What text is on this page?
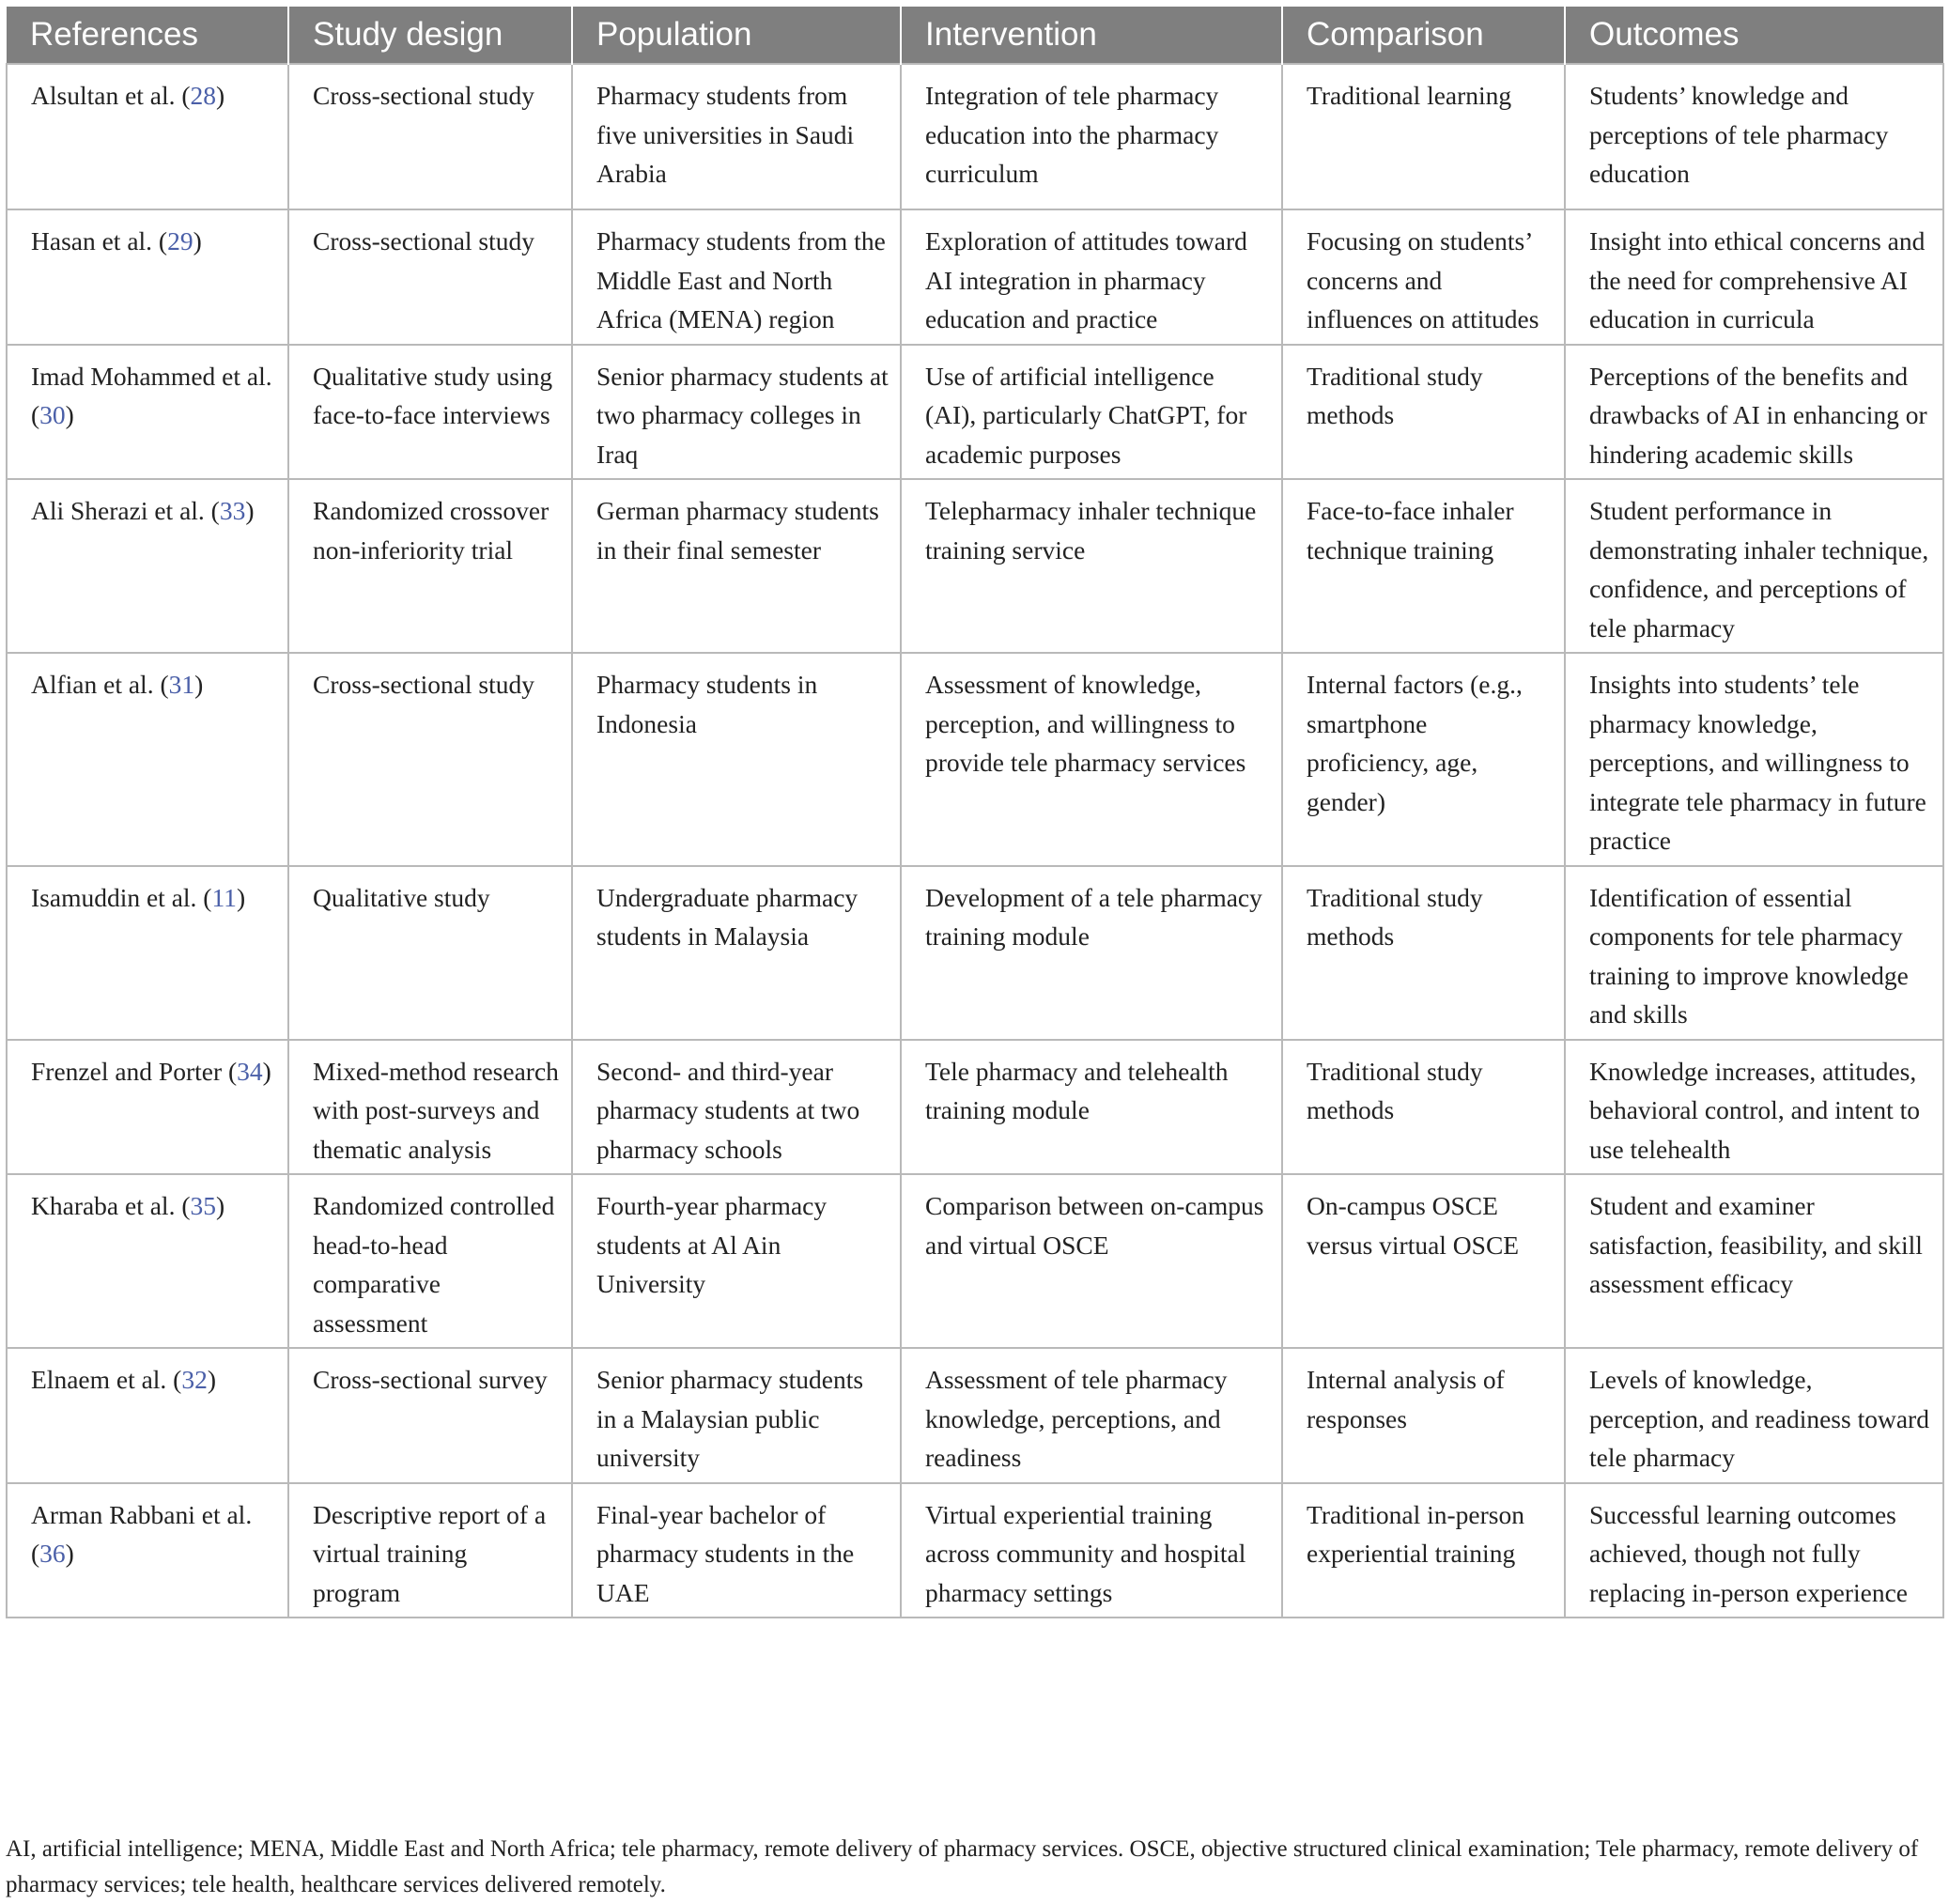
References	Study design	Population	Intervention	Comparison	Outcomes
Alsultan et al. (28)	Cross-sectional study	Pharmacy students from five universities in Saudi Arabia	Integration of tele pharmacy education into the pharmacy curriculum	Traditional learning	Students’ knowledge and perceptions of tele pharmacy education
Hasan et al. (29)	Cross-sectional study	Pharmacy students from the Middle East and North Africa (MENA) region	Exploration of attitudes toward AI integration in pharmacy education and practice	Focusing on students’ concerns and influences on attitudes	Insight into ethical concerns and the need for comprehensive AI education in curricula
Imad Mohammed et al. (30)	Qualitative study using face-to-face interviews	Senior pharmacy students at two pharmacy colleges in Iraq	Use of artificial intelligence (AI), particularly ChatGPT, for academic purposes	Traditional study methods	Perceptions of the benefits and drawbacks of AI in enhancing or hindering academic skills
Ali Sherazi et al. (33)	Randomized crossover non-inferiority trial	German pharmacy students in their final semester	Telepharmacy inhaler technique training service	Face-to-face inhaler technique training	Student performance in demonstrating inhaler technique, confidence, and perceptions of tele pharmacy
Alfian et al. (31)	Cross-sectional study	Pharmacy students in Indonesia	Assessment of knowledge, perception, and willingness to provide tele pharmacy services	Internal factors (e.g., smartphone proficiency, age, gender)	Insights into students’ tele pharmacy knowledge, perceptions, and willingness to integrate tele pharmacy in future practice
Isamuddin et al. (11)	Qualitative study	Undergraduate pharmacy students in Malaysia	Development of a tele pharmacy training module	Traditional study methods	Identification of essential components for tele pharmacy training to improve knowledge and skills
Frenzel and Porter (34)	Mixed-method research with post-surveys and thematic analysis	Second- and third-year pharmacy students at two pharmacy schools	Tele pharmacy and telehealth training module	Traditional study methods	Knowledge increases, attitudes, behavioral control, and intent to use telehealth
Kharaba et al. (35)	Randomized controlled head-to-head comparative assessment	Fourth-year pharmacy students at Al Ain University	Comparison between on-campus and virtual OSCE	On-campus OSCE versus virtual OSCE	Student and examiner satisfaction, feasibility, and skill assessment efficacy
Elnaem et al. (32)	Cross-sectional survey	Senior pharmacy students in a Malaysian public university	Assessment of tele pharmacy knowledge, perceptions, and readiness	Internal analysis of responses	Levels of knowledge, perception, and readiness toward tele pharmacy
Arman Rabbani et al. (36)	Descriptive report of a virtual training program	Final-year bachelor of pharmacy students in the UAE	Virtual experiential training across community and hospital pharmacy settings	Traditional in-person experiential training	Successful learning outcomes achieved, though not fully replacing in-person experience
AI, artificial intelligence; MENA, Middle East and North Africa; tele pharmacy, remote delivery of pharmacy services. OSCE, objective structured clinical examination; Tele pharmacy, remote delivery of pharmacy services; tele health, healthcare services delivered remotely.
